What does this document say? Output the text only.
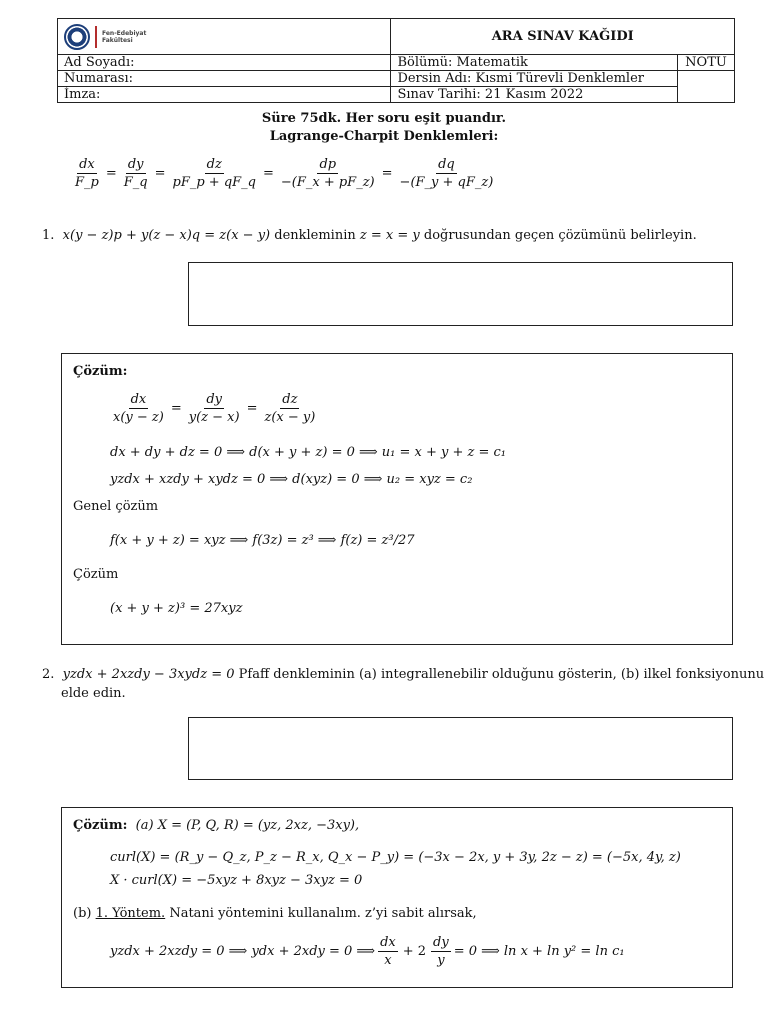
Fen-Edebiyat
Fakültesi	ARA SINAV KAĞIDI	
Ad Soyadı:	Bölümü: Matematik	NOTU
Numarası:	Dersin Adı: Kısmi Türevli Denklemler	
İmza:	Sınav Tarihi: 21 Kasım 2022	
Süre 75dk. Her soru eşit puandır.
Lagrange-Charpit Denklemleri:
$\frac{dx}{F\_p} = \frac{dy}{F\_q} = \frac{dz}{pF\_p + qF\_q} = \frac{dp}{-(F\_x + pF\_z)} = \frac{dq}{-(F\_y + qF\_z)}$
1. x(y − z)p + y(z − x)q = z(x − y) denkleminin z = x = y doğrusundan geçen çözümünü belirleyin.
Çözüm:
$\frac{dx}{x(y - z)} = \frac{dy}{y(z - x)} = \frac{dz}{z(x - y)}$
dx + dy + dz = 0 ⟹ d(x + y + z) = 0 ⟹ u₁ = x + y + z = c₁
yzdx + xzdy + xydz = 0 ⟹ d(xyz) = 0 ⟹ u₂ = xyz = c₂
Genel çözüm
f(x + y + z) = xyz ⟹ f(3z) = z³ ⟹ f(z) = z³/27
Çözüm
(x + y + z)³ = 27xyz
2. yzdx + 2xzdy − 3xydz = 0 Pfaff denkleminin (a) integrallenebilir olduğunu gösterin, (b) ilkel fonksiyonunu
elde edin.
Çözüm: (a) X = (P, Q, R) = (yz, 2xz, −3xy),
curl(X) = (R_y − Q_z, P_z − R_x, Q_x − P_y) = (−3x − 2x, y + 3y, 2z − z) = (−5x, 4y, z)
X · curl(X) = −5xyz + 8xyz − 3xyz = 0
(b) 1. Yöntem. Natani yöntemini kullanalım. z’yi sabit alırsak,
yzdx + 2xzdy = 0 ⟹ ydx + 2xdy = 0 ⟹ $\frac{dx}{x} + 2 \frac{dy}{y} = 0$ ⟹ ln x + ln y² = ln c₁
